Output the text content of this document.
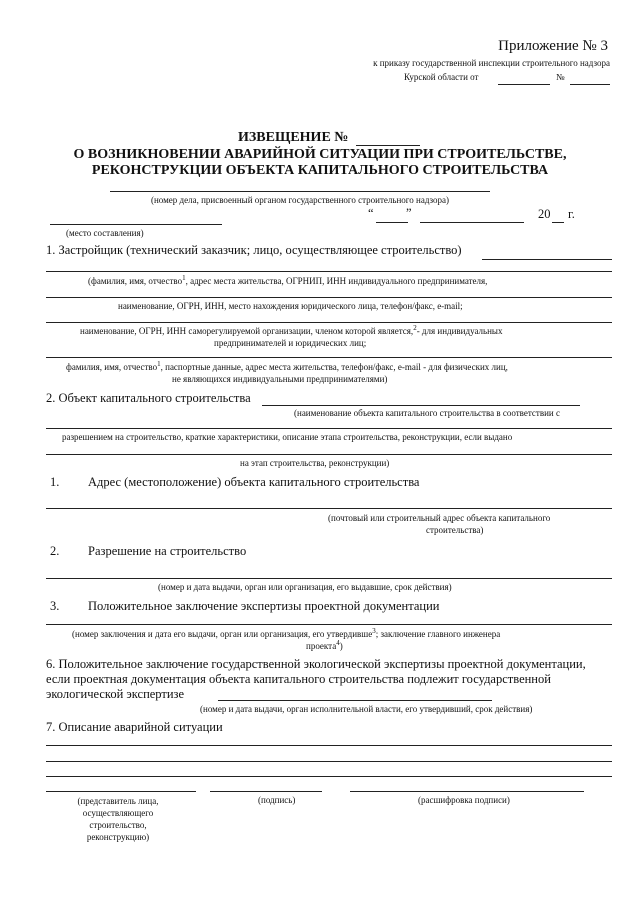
Приложение № 3
к приказу государственной инспекции строительного надзора
Курской области от	№
ИЗВЕЩЕНИЕ №
О ВОЗНИКНОВЕНИИ АВАРИЙНОЙ СИТУАЦИИ ПРИ СТРОИТЕЛЬСТВЕ,
РЕКОНСТРУКЦИИ ОБЪЕКТА КАПИТАЛЬНОГО СТРОИТЕЛЬСТВА
(номер дела, присвоенный органом государственного строительного надзора)
(место составления)
“	”	20 г.
1. Застройщик (технический заказчик; лицо, осуществляющее строительство)
(фамилия, имя, отчество$^1$, адрес места жительства, ОГРНИП, ИНН индивидуального предпринимателя,
наименование, ОГРН, ИНН, место нахождения юридического лица, телефон/факс, e-mail;
наименование, ОГРН, ИНН саморегулируемой организации, членом которой является,$^2$- для индивидуальных
предпринимателей и юридических лиц;
фамилия, имя, отчество$^1$, паспортные данные, адрес места жительства, телефон/факс, e-mail - для физических лиц,
не являющихся индивидуальными предпринимателями)
2. Объект капитального строительства
(наименование объекта капитального строительства в соответствии с
разрешением на строительство, краткие характеристики, описание этапа строительства, реконструкции, если выдано
на этап строительства, реконструкции)
1. Адрес (местоположение) объекта капитального строительства
(почтовый или строительный адрес объекта капитального
строительства)
2. Разрешение на строительство
(номер и дата выдачи, орган или организация, его выдавшие, срок действия)
3. Положительное заключение экспертизы проектной документации
(номер заключения и дата его выдачи, орган или организация, его утвердивше$^3$; заключение главного инженера
проекта$^4$)
6. Положительное заключение государственной экологической экспертизы проектной документации,
если проектная документация объекта капитального строительства подлежит государственной
экологической экспертизе
(номер и дата выдачи, орган исполнительной власти, его утвердивший, срок действия)
7. Описание аварийной ситуации
(представитель лица,
осуществляющего
строительство,
реконструкцию)
(подпись)	(расшифровка подписи)
